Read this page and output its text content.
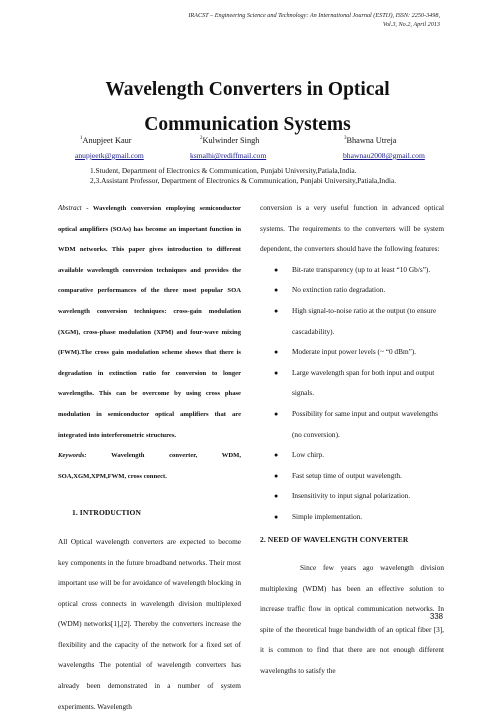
IRACST – Engineering Science and Technology: An International Journal (ESTIJ), ISSN: 2250-3498,
Vol.3, No.2, April 2013
Wavelength Converters in Optical Communication Systems
$^1$Anupjeet Kaur	$^2$Kulwinder Singh	$^3$Bhawna Utreja
anupjeetk@gmail.com	ksmalhi@rediffmail.com	bhawnau2008@gmail.com
1.Student, Department of Electronics & Communication, Punjabi University,Patiala,India.
2,3.Assistant Professor, Department of Electronics & Communication, Punjabi University,Patiala,India.
Abstract - Wavelength conversion employing semiconductor optical amplifiers (SOAs) has become an important function in WDM networks. This paper gives introduction to different available wavelength conversion techniques and provides the comparative performances of the three most popular SOA wavelength conversion techniques: cross-gain modulation (XGM), cross-phase modulation (XPM) and four-wave mixing (FWM).The cross gain modulation scheme shows that there is degradation in extinction ratio for conversion to longer wavelengths. This can be overcome by using cross phase modulation in semiconductor optical amplifiers that are integrated into interferometric structures.
Keywords: Wavelength converter, WDM, SOA,XGM,XPM,FWM, cross connect.
1. INTRODUCTION
All Optical wavelength converters are expected to become key components in the future broadband networks. Their most important use will be for avoidance of wavelength blocking in optical cross connects in wavelength division multiplexed (WDM) networks[1],[2]. Thereby the converters increase the flexibility and the capacity of the network for a fixed set of wavelengths The potential of wavelength converters has already been demonstrated in a number of system experiments. Wavelength
conversion is a very useful function in advanced optical systems. The requirements to the converters will be system dependent, the converters should have the following features:
● Bit-rate transparency (up to at least “10 Gb/s”).
● No extinction ratio degradation.
● High signal-to-noise ratio at the output (to ensure cascadability).
● Moderate input power levels (~ “0 dBm”).
● Large wavelength span for both input and output signals.
● Possibility for same input and output wavelengths (no conversion).
● Low chirp.
● Fast setup time of output wavelength.
● Insensitivity to input signal polarization.
● Simple implementation.
2. NEED OF WAVELENGTH CONVERTER
Since few years ago wavelength division multiplexing (WDM) has been an effective solution to increase traffic flow in optical communication networks. In spite of the theoretical huge bandwidth of an optical fiber [3], it is common to find that there are not enough different wavelengths to satisfy the
338
